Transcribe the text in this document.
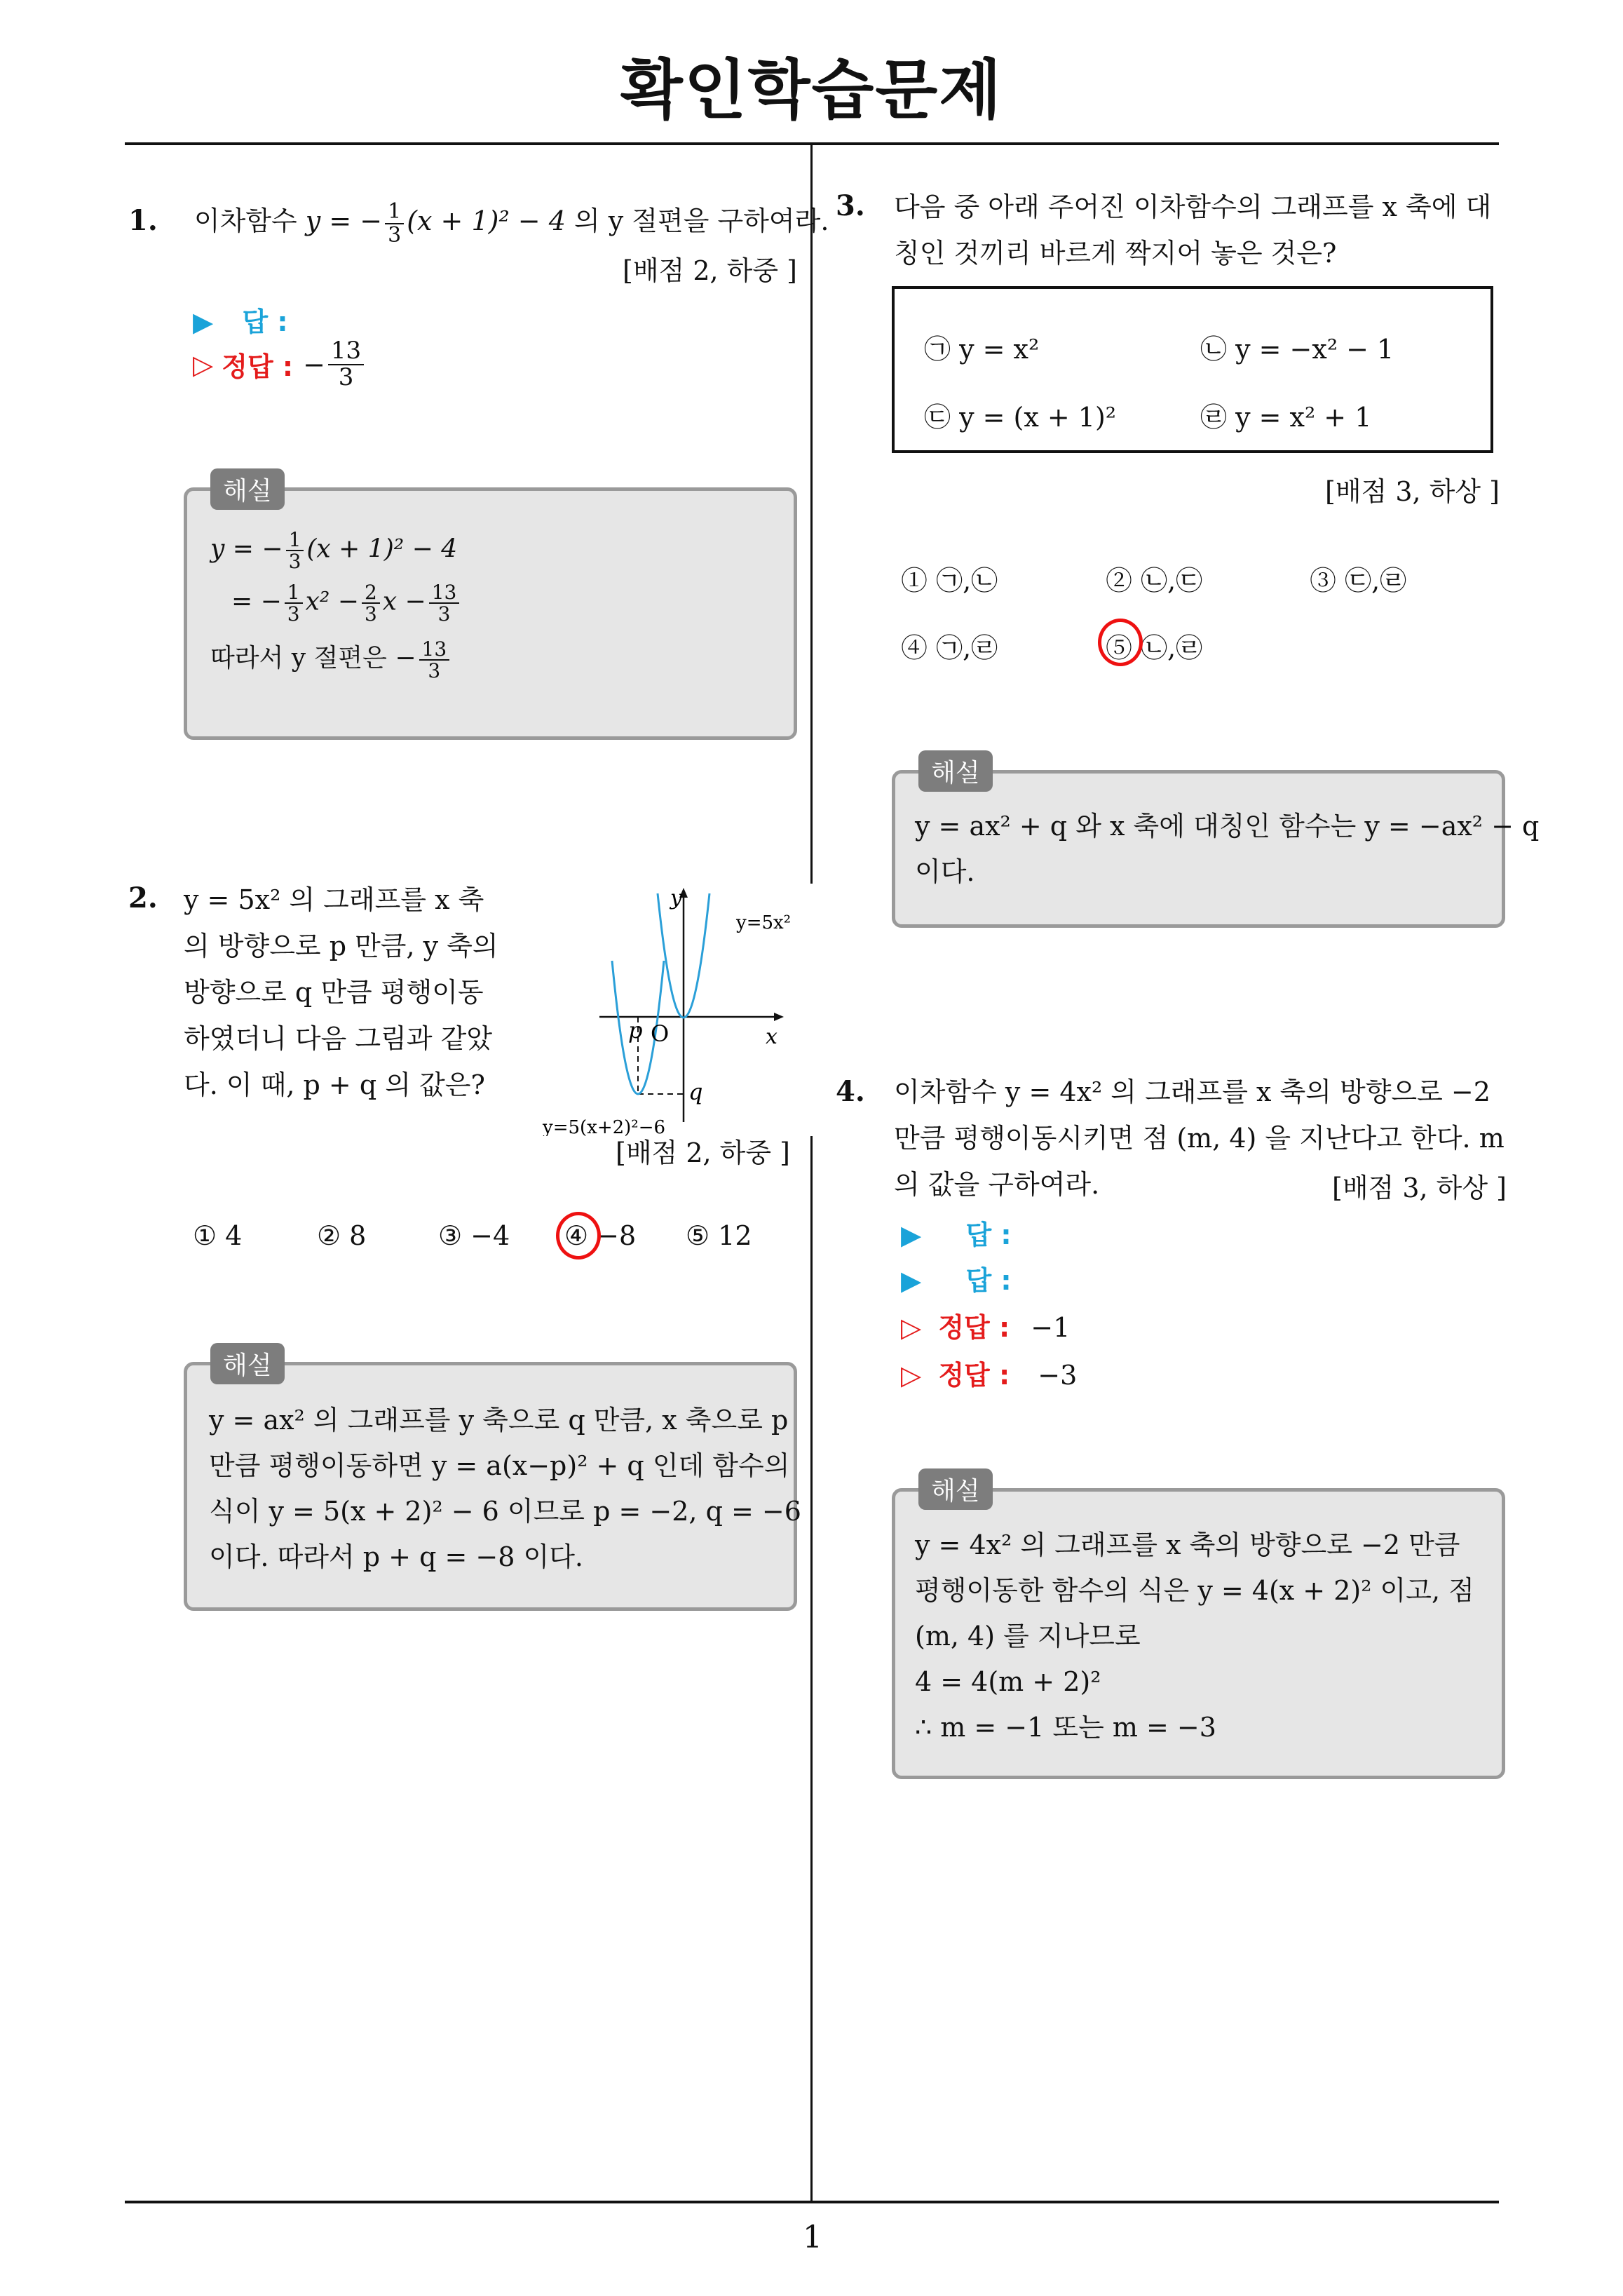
확인학습문제
1
1. 이차함수 y = − $\frac{1}{3} (x + 1)^2 - 4$ 의 y 절편을 구하여라.
[배점 2, 하중 ]
▶ 답 :
▷ 정답 : − $\frac{13}{3}$
해설
y = − $\frac{1}{3} (x + 1)^2 - 4$
= − $\frac{1}{3} x^2 - \frac{2}{3}$ $x - \frac{13}{3}$
따라서 y 절편은 − $\frac{13}{3}$
2. y = 5x² 의 그래프를 x 축
의 방향으로 p 만큼, y 축의
방향으로 q 만큼 평행이동
하였더니 다음 그림과 같았
다. 이 때, p + q 의 값은?
y
x
O
p
q
y=5x²
y=5(x+2)²−6
[배점 2, 하중 ]
① 4	② 8	③ −4 ④ −8 ⑤ 12
해설
y = ax² 의 그래프를 y 축으로 q 만큼, x 축으로 p
만큼 평행이동하면 y = a(x−p)² + q 인데 함수의
식이 y = 5(x + 2)² − 6 이므로 p = −2, q = −6
이다. 따라서 p + q = −8 이다.
3. 다음 중 아래 주어진 이차함수의 그래프를 x 축에 대
칭인 것끼리 바르게 짝지어 놓은 것은?
㉠ y = x²	㉡ y = −x² − 1
㉢ y = (x + 1)²	㉣ y = x² + 1
[배점 3, 하상 ]
① ㉠,㉡	② ㉡,㉢	③ ㉢,㉣
④ ㉠,㉣	⑤ ㉡,㉣
해설
y = ax² + q 와 x 축에 대칭인 함수는 y = −ax² − q
이다.
4. 이차함수 y = 4x² 의 그래프를 x 축의 방향으로 −2
만큼 평행이동시키면 점 (m, 4) 을 지난다고 한다. m
의 값을 구하여라.	[배점 3, 하상 ]
▶ 답 :
▶ 답 :
▷ 정답 : −1
▷ 정답 : −3
해설
y = 4x² 의 그래프를 x 축의 방향으로 −2 만큼
평행이동한 함수의 식은 y = 4(x + 2)² 이고, 점
(m, 4) 를 지나므로
4 = 4(m + 2)²
∴ m = −1 또는 m = −3
